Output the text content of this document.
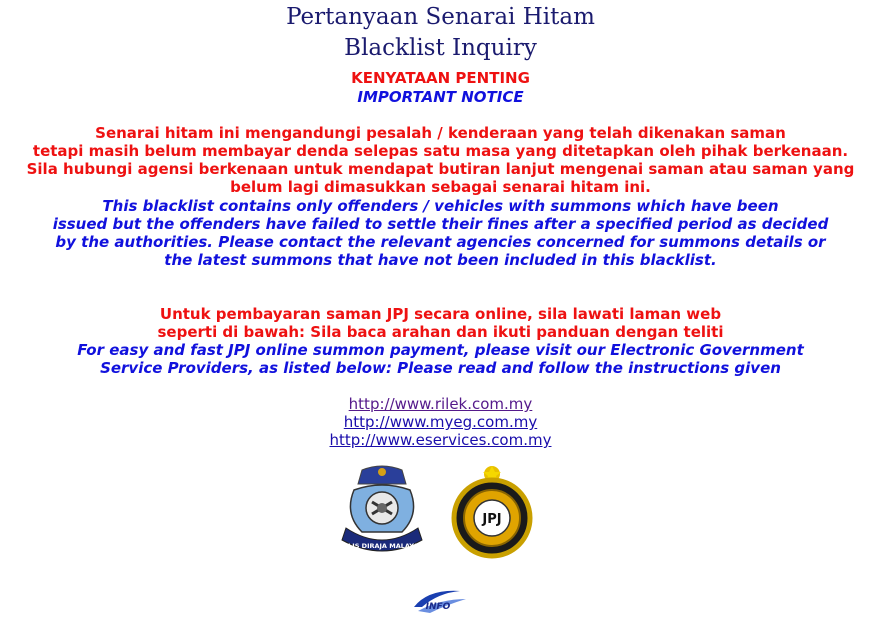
Pertanyaan Senarai Hitam
Blacklist Inquiry
KENYATAAN PENTING
IMPORTANT NOTICE
Senarai hitam ini mengandungi pesalah / kenderaan yang telah dikenakan saman
tetapi masih belum membayar denda selepas satu masa yang ditetapkan oleh pihak berkenaan.
Sila hubungi agensi berkenaan untuk mendapat butiran lanjut mengenai saman atau saman yang
belum lagi dimasukkan sebagai senarai hitam ini.
This blacklist contains only offenders / vehicles with summons which have been
issued but the offenders have failed to settle their fines after a specified period as decided
by the authorities. Please contact the relevant agencies concerned for summons details or
the latest summons that have not been included in this blacklist.
Untuk pembayaran saman JPJ secara online, sila lawati laman web
seperti di bawah: Sila baca arahan dan ikuti panduan dengan teliti
For easy and fast JPJ online summon payment, please visit our Electronic Government
Service Providers, as listed below: Please read and follow the instructions given
http://www.rilek.com.my
http://www.myeg.com.my
http://www.eservices.com.my
POLIS DIRAJA MALAYSIA
JPJ
INFO
